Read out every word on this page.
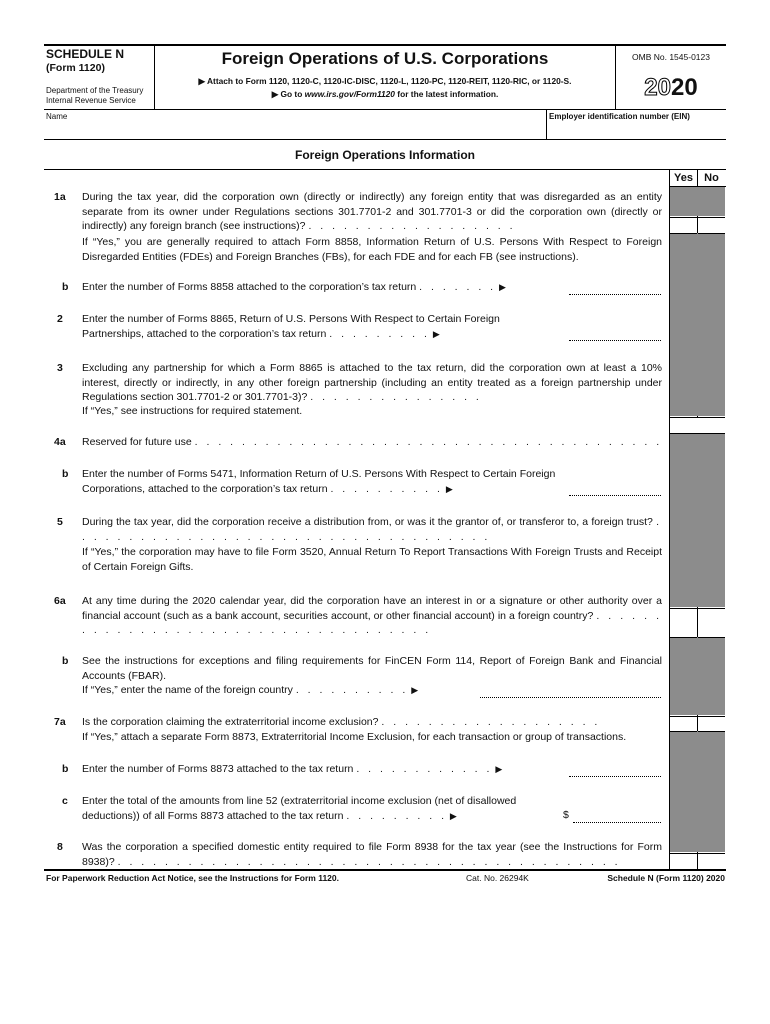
SCHEDULE N
(Form 1120)
Department of the Treasury
Internal Revenue Service
Foreign Operations of U.S. Corporations
▶ Attach to Form 1120, 1120-C, 1120-IC-DISC, 1120-L, 1120-PC, 1120-REIT, 1120-RIC, or 1120-S.
▶ Go to www.irs.gov/Form1120 for the latest information.
OMB No. 1545-0123
2020
Name	Employer identification number (EIN)
Foreign Operations Information
Yes	No
1a	During the tax year, did the corporation own (directly or indirectly) any foreign entity that was disregarded as an entity separate from its owner under Regulations sections 301.7701-2 and 301.7701-3 or did the corporation own (directly or indirectly) any foreign branch (see instructions)? . . . . . . . . . . . . . . . . . .
If “Yes,” you are generally required to attach Form 8858, Information Return of U.S. Persons With Respect to Foreign Disregarded Entities (FDEs) and Foreign Branches (FBs), for each FDE and for each FB (see instructions).
b	Enter the number of Forms 8858 attached to the corporation’s tax return . . . . . . . ▶
2	Enter the number of Forms 8865, Return of U.S. Persons With Respect to Certain Foreign Partnerships, attached to the corporation’s tax return . . . . . . . . . ▶
3	Excluding any partnership for which a Form 8865 is attached to the tax return, did the corporation own at least a 10% interest, directly or indirectly, in any other foreign partnership (including an entity treated as a foreign partnership under Regulations section 301.7701-2 or 301.7701-3)? . . . . . . . . . . . . . . .
If “Yes,” see instructions for required statement.
4a	Reserved for future use . . . . . . . . . . . . . . . . . . . . . . . . . . . . . . . . . . . . . . . .
b	Enter the number of Forms 5471, Information Return of U.S. Persons With Respect to Certain Foreign Corporations, attached to the corporation’s tax return . . . . . . . . . . ▶
5	During the tax year, did the corporation receive a distribution from, or was it the grantor of, or transferor to, a foreign trust? . . . . . . . . . . . . . . . . . . . . . . . . . . . . . . . . . . . .
If “Yes,” the corporation may have to file Form 3520, Annual Return To Report Transactions With Foreign Trusts and Receipt of Certain Foreign Gifts.
6a	At any time during the 2020 calendar year, did the corporation have an interest in or a signature or other authority over a financial account (such as a bank account, securities account, or other financial account) in a foreign country? . . . . . . . . . . . . . . . . . . . . . . . . . . . . . . . . . . . .
b	See the instructions for exceptions and filing requirements for FinCEN Form 114, Report of Foreign Bank and Financial Accounts (FBAR).
If “Yes,” enter the name of the foreign country . . . . . . . . . . ▶
7a	Is the corporation claiming the extraterritorial income exclusion? . . . . . . . . . . . . . . . . . . .
If “Yes,” attach a separate Form 8873, Extraterritorial Income Exclusion, for each transaction or group of transactions.
b	Enter the number of Forms 8873 attached to the tax return . . . . . . . . . . . . ▶
c	Enter the total of the amounts from line 52 (extraterritorial income exclusion (net of disallowed deductions)) of all Forms 8873 attached to the tax return . . . . . . . . . ▶	$
8	Was the corporation a specified domestic entity required to file Form 8938 for the tax year (see the Instructions for Form 8938)? . . . . . . . . . . . . . . . . . . . . . . . . . . . . . . . . . . . . . . . . . . .
For Paperwork Reduction Act Notice, see the Instructions for Form 1120.	Cat. No. 26294K	Schedule N (Form 1120) 2020
